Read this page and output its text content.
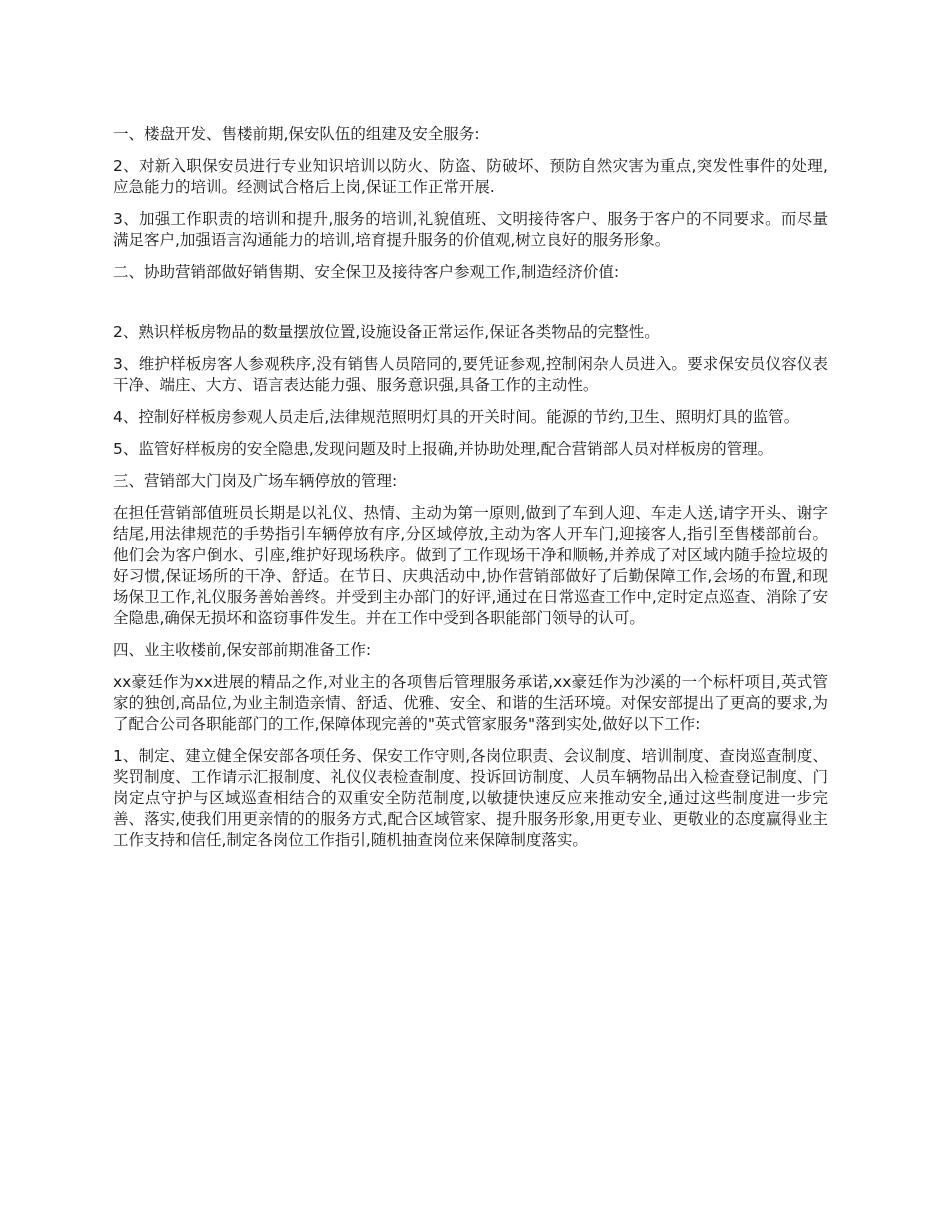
一、楼盘开发、售楼前期,保安队伍的组建及安全服务:

2、对新入职保安员进行专业知识培训以防火、防盗、防破坏、预防自然灾害为重点,突发性事件的处理,应急能力的培训。经测试合格后上岗,保证工作正常开展.

3、加强工作职责的培训和提升,服务的培训,礼貌值班、文明接待客户、服务于客户的不同要求。而尽量满足客户,加强语言沟通能力的培训,培育提升服务的价值观,树立良好的服务形象。

二、协助营销部做好销售期、安全保卫及接待客户参观工作,制造经济价值:

2、熟识样板房物品的数量摆放位置,设施设备正常运作,保证各类物品的完整性。

3、维护样板房客人参观秩序,没有销售人员陪同的,要凭证参观,控制闲杂人员进入。要求保安员仪容仪表干净、端庄、大方、语言表达能力强、服务意识强,具备工作的主动性。

4、控制好样板房参观人员走后,法律规范照明灯具的开关时间。能源的节约,卫生、照明灯具的监管。

5、监管好样板房的安全隐患,发现问题及时上报确,并协助处理,配合营销部人员对样板房的管理。

三、营销部大门岗及广场车辆停放的管理:

在担任营销部值班员长期是以礼仪、热情、主动为第一原则,做到了车到人迎、车走人送,请字开头、谢字结尾,用法律规范的手势指引车辆停放有序,分区域停放,主动为客人开车门,迎接客人,指引至售楼部前台。他们会为客户倒水、引座,维护好现场秩序。做到了工作现场干净和顺畅,并养成了对区域内随手捡垃圾的好习惯,保证场所的干净、舒适。在节日、庆典活动中,协作营销部做好了后勤保障工作,会场的布置,和现场保卫工作,礼仪服务善始善终。并受到主办部门的好评,通过在日常巡查工作中,定时定点巡查、消除了安全隐患,确保无损坏和盗窃事件发生。并在工作中受到各职能部门领导的认可。

四、业主收楼前,保安部前期准备工作:

xx豪廷作为xx进展的精品之作,对业主的各项售后管理服务承诺,xx豪廷作为沙溪的一个标杆项目,英式管家的独创,高品位,为业主制造亲情、舒适、优雅、安全、和谐的生活环境。对保安部提出了更高的要求,为了配合公司各职能部门的工作,保障体现完善的"英式管家服务"落到实处,做好以下工作:

1、制定、建立健全保安部各项任务、保安工作守则,各岗位职责、会议制度、培训制度、查岗巡查制度、奖罚制度、工作请示汇报制度、礼仪仪表检查制度、投诉回访制度、人员车辆物品出入检查登记制度、门岗定点守护与区域巡查相结合的双重安全防范制度,以敏捷快速反应来推动安全,通过这些制度进一步完善、落实,使我们用更亲情的的服务方式,配合区域管家、提升服务形象,用更专业、更敬业的态度赢得业主工作支持和信任,制定各岗位工作指引,随机抽查岗位来保障制度落实。
